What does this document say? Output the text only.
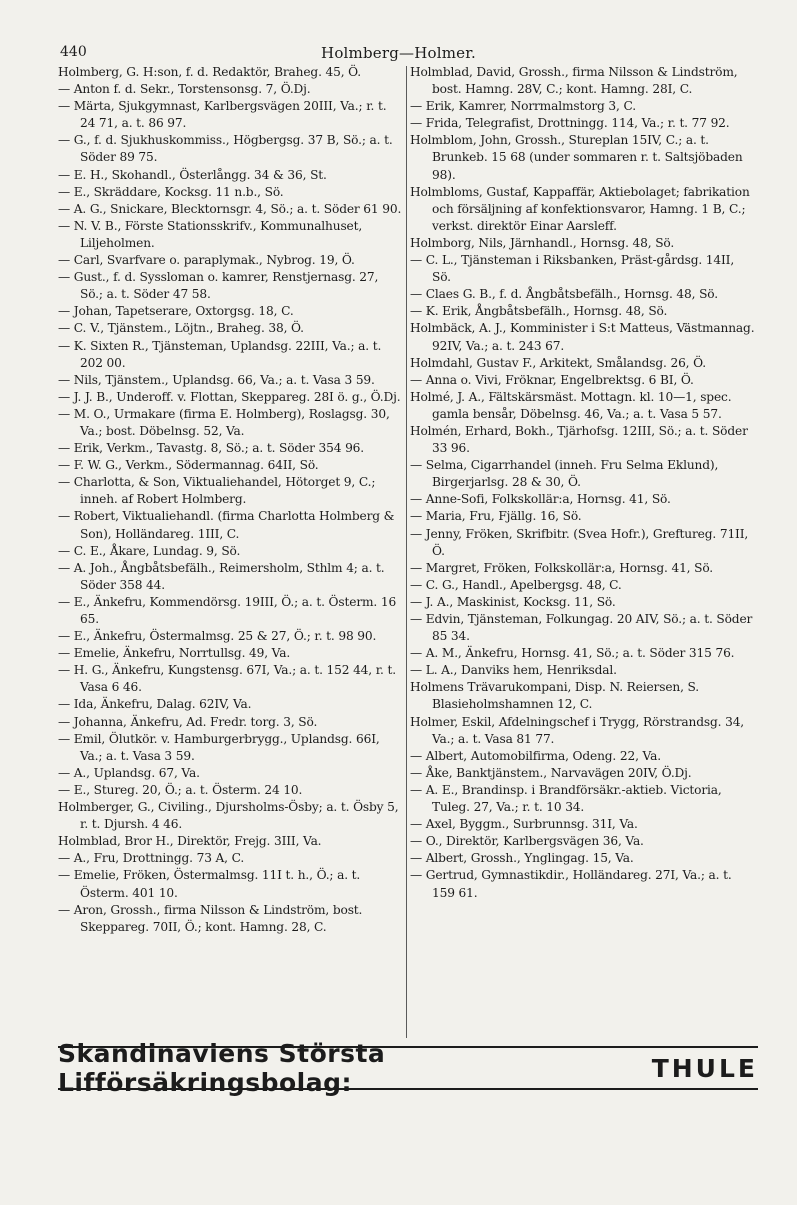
440	Holmberg—Holmer.

Holmberg, G. H:son, f. d. Redaktör, Braheg. 45, Ö.

— Anton f. d. Sekr., Torstensonsg. 7, Ö.Dj.

— Märta, Sjukgymnast, Karlbergsvägen 20III, Va.; r. t. 24 71, a. t. 86 97.

— G., f. d. Sjukhuskommiss., Högbergsg. 37 B, Sö.; a. t. Söder 89 75.

— E. H., Skohandl., Österlångg. 34 & 36, St.

— E., Skräddare, Kocksg. 11 n.b., Sö.

— A. G., Snickare, Blecktornsgr. 4, Sö.; a. t. Söder 61 90.

— N. V. B., Förste Stationsskrifv., Kommunalhuset, Liljeholmen.

— Carl, Svarfvare o. paraplymak., Nybrog. 19, Ö.

— Gust., f. d. Syssloman o. kamrer, Renstjernasg. 27, Sö.; a. t. Söder 47 58.

— Johan, Tapetserare, Oxtorgsg. 18, C.

— C. V., Tjänstem., Löjtn., Braheg. 38, Ö.

— K. Sixten R., Tjänsteman, Uplandsg. 22III, Va.; a. t. 202 00.

— Nils, Tjänstem., Uplandsg. 66, Va.; a. t. Vasa 3 59.

— J. J. B., Underoff. v. Flottan, Skeppareg. 28I ö. g., Ö.Dj.

— M. O., Urmakare (firma E. Holmberg), Roslagsg. 30, Va.; bost. Döbelnsg. 52, Va.

— Erik, Verkm., Tavastg. 8, Sö.; a. t. Söder 354 96.

— F. W. G., Verkm., Södermannag. 64II, Sö.

— Charlotta, & Son, Viktualiehandel, Hötorget 9, C.; inneh. af Robert Holmberg.

— Robert, Viktualiehandl. (firma Charlotta Holmberg & Son), Holländareg. 1III, C.

— C. E., Åkare, Lundag. 9, Sö.

— A. Joh., Ångbåtsbefälh., Reimersholm, Sthlm 4; a. t. Söder 358 44.

— E., Änkefru, Kommendörsg. 19III, Ö.; a. t. Österm. 16 65.

— E., Änkefru, Östermalmsg. 25 & 27, Ö.; r. t. 98 90.

— Emelie, Änkefru, Norrtullsg. 49, Va.

— H. G., Änkefru, Kungstensg. 67I, Va.; a. t. 152 44, r. t. Vasa 6 46.

— Ida, Änkefru, Dalag. 62IV, Va.

— Johanna, Änkefru, Ad. Fredr. torg. 3, Sö.

— Emil, Ölutkör. v. Hamburgerbrygg., Uplandsg. 66I, Va.; a. t. Vasa 3 59.

— A., Uplandsg. 67, Va.

— E., Stureg. 20, Ö.; a. t. Österm. 24 10.

Holmberger, G., Civiling., Djursholms-Ösby; a. t. Ösby 5, r. t. Djursh. 4 46.

Holmblad, Bror H., Direktör, Frejg. 3III, Va.

— A., Fru, Drottningg. 73 A, C.

— Emelie, Fröken, Östermalmsg. 11I t. h., Ö.; a. t. Österm. 401 10.

— Aron, Grossh., firma Nilsson & Lindström, bost. Skeppareg. 70II, Ö.; kont. Hamng. 28, C.

Holmblad, David, Grossh., firma Nilsson & Lindström, bost. Hamng. 28V, C.; kont. Hamng. 28I, C.

— Erik, Kamrer, Norrmalmstorg 3, C.

— Frida, Telegrafist, Drottningg. 114, Va.; r. t. 77 92.

Holmblom, John, Grossh., Stureplan 15IV, C.; a. t. Brunkeb. 15 68 (under sommaren r. t. Saltsjöbaden 98).

Holmbloms, Gustaf, Kappaffär, Aktiebolaget; fabrikation och försäljning af konfektionsvaror, Hamng. 1 B, C.; verkst. direktör Einar Aarsleff.

Holmborg, Nils, Järnhandl., Hornsg. 48, Sö.

— C. L., Tjänsteman i Riksbanken, Präst-gårdsg. 14II, Sö.

— Claes G. B., f. d. Ångbåtsbefälh., Hornsg. 48, Sö.

— K. Erik, Ångbåtsbefälh., Hornsg. 48, Sö.

Holmbäck, A. J., Komminister i S:t Matteus, Västmannag. 92IV, Va.; a. t. 243 67.

Holmdahl, Gustav F., Arkitekt, Smålandsg. 26, Ö.

— Anna o. Vivi, Fröknar, Engelbrektsg. 6 BI, Ö.

Holmé, J. A., Fältskärsmäst. Mottagn. kl. 10—1, spec. gamla bensår, Döbelnsg. 46, Va.; a. t. Vasa 5 57.

Holmén, Erhard, Bokh., Tjärhofsg. 12III, Sö.; a. t. Söder 33 96.

— Selma, Cigarrhandel (inneh. Fru Selma Eklund), Birgerjarlsg. 28 & 30, Ö.

— Anne-Sofi, Folkskollär:a, Hornsg. 41, Sö.

— Maria, Fru, Fjällg. 16, Sö.

— Jenny, Fröken, Skrifbitr. (Svea Hofr.), Greftureg. 71II, Ö.

— Margret, Fröken, Folkskollär:a, Hornsg. 41, Sö.

— C. G., Handl., Apelbergsg. 48, C.

— J. A., Maskinist, Kocksg. 11, Sö.

— Edvin, Tjänsteman, Folkungag. 20 AIV, Sö.; a. t. Söder 85 34.

— A. M., Änkefru, Hornsg. 41, Sö.; a. t. Söder 315 76.

— L. A., Danviks hem, Henriksdal.

Holmens Trävarukompani, Disp. N. Reiersen, S. Blasieholmshamnen 12, C.

Holmer, Eskil, Afdelningschef i Trygg, Rörstrandsg. 34, Va.; a. t. Vasa 81 77.

— Albert, Automobilfirma, Odeng. 22, Va.

— Åke, Banktjänstem., Narvavägen 20IV, Ö.Dj.

— A. E., Brandinsp. i Brandförsäkr.-aktieb. Victoria, Tuleg. 27, Va.; r. t. 10 34.

— Axel, Byggm., Surbrunnsg. 31I, Va.

— O., Direktör, Karlbergsvägen 36, Va.

— Albert, Grossh., Ynglingag. 15, Va.

— Gertrud, Gymnastikdir., Holländareg. 27I, Va.; a. t. 159 61.

Skandinaviens Största Lifförsäkringsbolag:	THULE
